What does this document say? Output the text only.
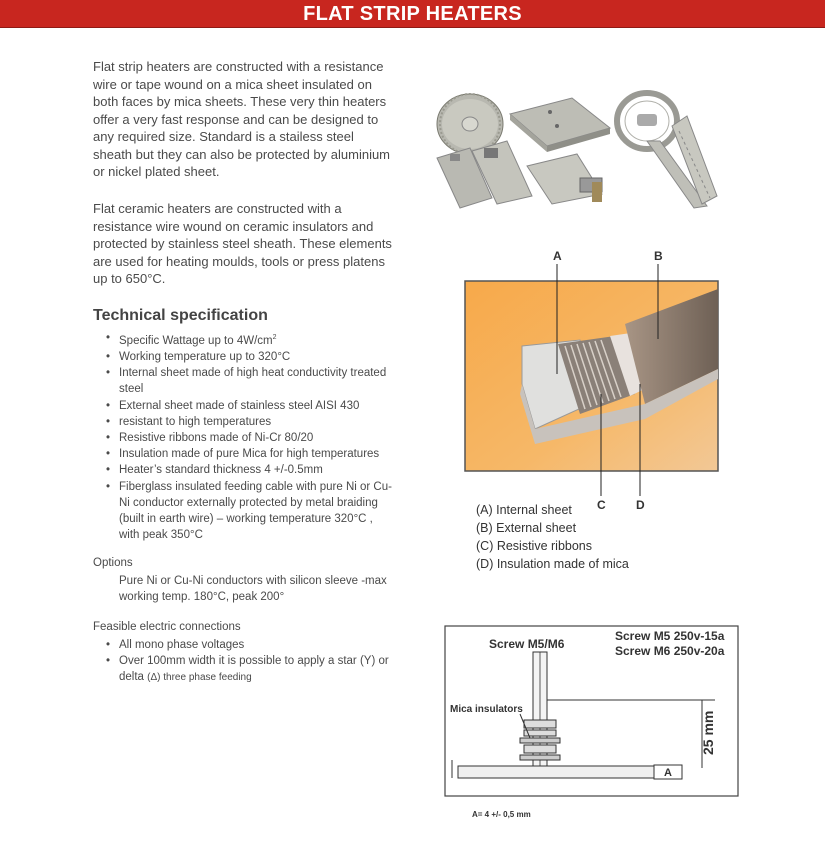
FLAT STRIP HEATERS

Flat strip heaters are constructed with a resistance wire or tape wound on a mica sheet insulated on both faces by mica sheets. These very thin heaters offer a very fast response and can be designed to any required size. Standard is a stailess steel sheath but they can also be protected by aluminium or nickel plated sheet.

Flat ceramic heaters are constructed with a resistance wire wound on ceramic insulators and protected by stainless steel sheath. These elements are used for heating moulds, tools or press platens up to 650°C.

Technical specification
• Specific Wattage up to $4W/cm^2$
• Working temperature up to 320°C
• Internal sheet made of high heat conductivity treated steel
• External sheet made of stainless steel AISI 430
• resistant to high temperatures
• Resistive ribbons made of Ni-Cr 80/20
• Insulation made of pure Mica for high temperatures
• Heater’s standard thickness 4 +/-0.5mm
• Fiberglass insulated feeding cable with pure Ni or Cu-Ni conductor externally protected by metal braiding (built in earth wire) – working temperature 320°C , with peak 350°C

Options

Pure Ni or Cu-Ni conductors with silicon sleeve -max working temp. 180°C, peak 200°

Feasible electric connections

• All mono phase voltages
• Over 100mm width it is possible to apply a star (Y) or delta (Δ) three phase feeding
A	B
C	D
(A) Internal sheet
(B) External sheet
(C) Resistive ribbons
(D) Insulation made of mica
Screw M5/M6
Screw M5 250v-15a
Screw M6 250v-20a
Mica insulators
25 mm
A
A= 4 +/- 0,5 mm
